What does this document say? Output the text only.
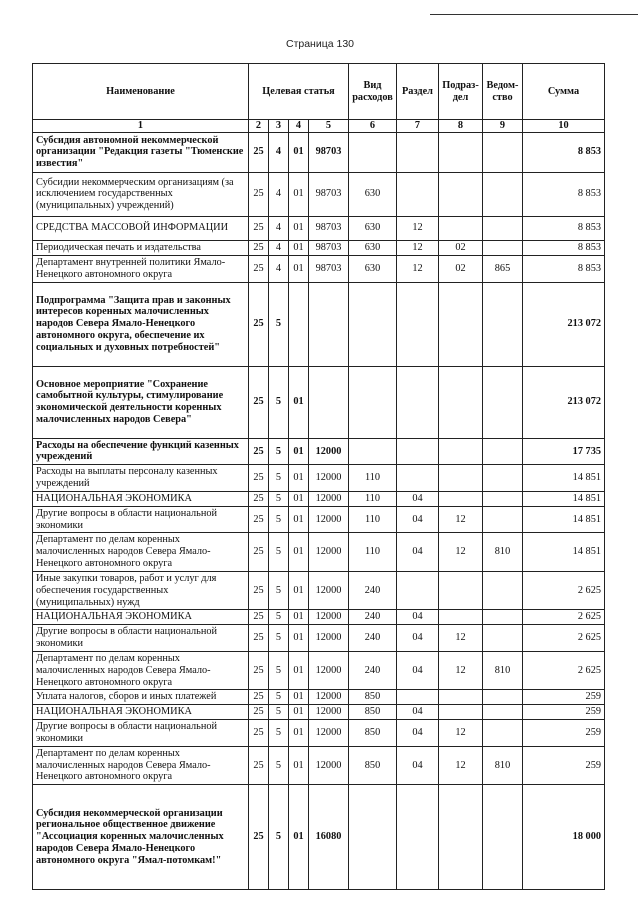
Страница 130
Наименование	Целевая статья				Вид расходов	Раздел	Подраз-дел	Ведом-ство	Сумма
1	2	3	4	5	6	7	8	9	10
Субсидия автономной некоммерческой организации "Редакция газеты "Тюменские известия"	25	4	01	98703					8 853
Субсидии некоммерческим организациям (за исключением государственных (муниципальных) учреждений)	25	4	01	98703	630				8 853
СРЕДСТВА МАССОВОЙ ИНФОРМАЦИИ	25	4	01	98703	630	12			8 853
Периодическая печать и издательства	25	4	01	98703	630	12	02		8 853
Департамент внутренней политики Ямало-Ненецкого автономного округа	25	4	01	98703	630	12	02	865	8 853
Подпрограмма "Защита прав и законных интересов коренных малочисленных народов Севера Ямало-Ненецкого автономного округа, обеспечение их социальных и духовных потребностей"	25	5							213 072
Основное мероприятие "Сохранение самобытной культуры, стимулирование экономической деятельности коренных малочисленных народов Севера"	25	5	01						213 072
Расходы на обеспечение функций казенных учреждений	25	5	01	12000					17 735
Расходы на выплаты персоналу казенных учреждений	25	5	01	12000	110				14 851
НАЦИОНАЛЬНАЯ ЭКОНОМИКА	25	5	01	12000	110	04			14 851
Другие вопросы в области национальной экономики	25	5	01	12000	110	04	12		14 851
Департамент по делам коренных малочисленных народов Севера Ямало-Ненецкого автономного округа	25	5	01	12000	110	04	12	810	14 851
Иные закупки товаров, работ и услуг для обеспечения государственных (муниципальных) нужд	25	5	01	12000	240				2 625
НАЦИОНАЛЬНАЯ ЭКОНОМИКА	25	5	01	12000	240	04			2 625
Другие вопросы в области национальной экономики	25	5	01	12000	240	04	12		2 625
Департамент по делам коренных малочисленных народов Севера Ямало-Ненецкого автономного округа	25	5	01	12000	240	04	12	810	2 625
Уплата налогов, сборов и иных платежей	25	5	01	12000	850				259
НАЦИОНАЛЬНАЯ ЭКОНОМИКА	25	5	01	12000	850	04			259
Другие вопросы в области национальной экономики	25	5	01	12000	850	04	12		259
Департамент по делам коренных малочисленных народов Севера Ямало-Ненецкого автономного округа	25	5	01	12000	850	04	12	810	259
Субсидия некоммерческой организации региональное общественное движение "Ассоциация коренных малочисленных народов Севера Ямало-Ненецкого автономного округа "Ямал-потомкам!"	25	5	01	16080					18 000
